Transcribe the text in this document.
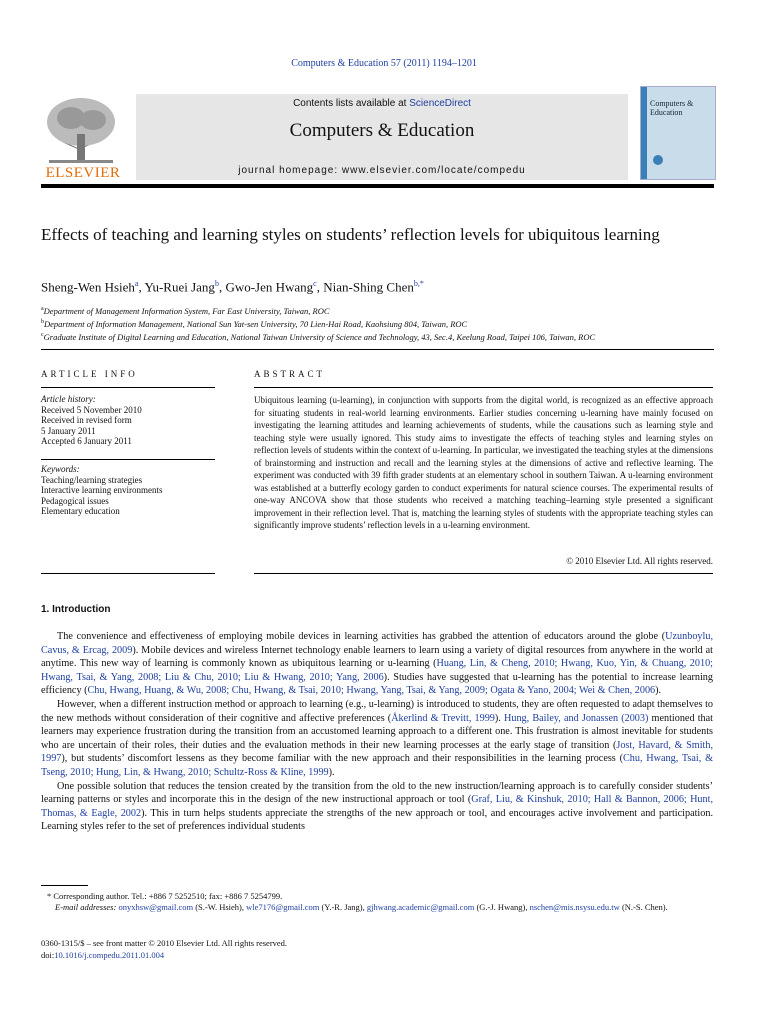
Computers & Education 57 (2011) 1194–1201
ELSEVIER
Contents lists available at ScienceDirect
Computers & Education
journal homepage: www.elsevier.com/locate/compedu
Computers & Education
Effects of teaching and learning styles on students’ reflection levels for ubiquitous learning
Sheng-Wen Hsieh$^a$, Yu-Ruei Jang$^b$, Gwo-Jen Hwang$^c$, Nian-Shing Chen$^{b,*}$
$^a$Department of Management Information System, Far East University, Taiwan, ROC
$^b$Department of Information Management, National Sun Yat-sen University, 70 Lien-Hai Road, Kaohsiung 804, Taiwan, ROC
$^c$Graduate Institute of Digital Learning and Education, National Taiwan University of Science and Technology, 43, Sec.4, Keelung Road, Taipei 106, Taiwan, ROC
ARTICLE INFO	ABSTRACT
Article history:
Received 5 November 2010
Received in revised form
5 January 2011
Accepted 6 January 2011
Keywords:
Teaching/learning strategies
Interactive learning environments
Pedagogical issues
Elementary education
Ubiquitous learning (u-learning), in conjunction with supports from the digital world, is recognized as an effective approach for situating students in real-world learning environments. Earlier studies concerning u-learning have mainly focused on investigating the learning attitudes and learning achievements of students, while the causations such as learning style and teaching style were usually ignored. This study aims to investigate the effects of teaching styles and learning styles on reflection levels of students within the context of u-learning. In particular, we investigated the teaching styles at the dimensions of brainstorming and instruction and recall and the learning styles at the dimensions of active and reflective learning. The experiment was conducted with 39 fifth grader students at an elementary school in southern Taiwan. A u-learning environment was established at a butterfly ecology garden to conduct experiments for natural science courses. The experimental results of one-way ANCOVA show that those students who received a matching teaching–learning style presented a significant improvement in their reflection level. That is, matching the learning styles of students with the appropriate teaching styles can significantly improve students’ reflection levels in a u-learning environment.
© 2010 Elsevier Ltd. All rights reserved.
1. Introduction

The convenience and effectiveness of employing mobile devices in learning activities has grabbed the attention of educators around the globe (Uzunboylu, Cavus, & Ercag, 2009). Mobile devices and wireless Internet technology enable learners to learn using a variety of digital resources from anywhere in the world at anytime. This new way of learning is commonly known as ubiquitous learning or u-learning (Huang, Lin, & Cheng, 2010; Hwang, Kuo, Yin, & Chuang, 2010; Hwang, Tsai, & Yang, 2008; Liu & Chu, 2010; Liu & Hwang, 2010; Yang, 2006). Studies have suggested that u-learning has the potential to increase learning efficiency (Chu, Hwang, Huang, & Wu, 2008; Chu, Hwang, & Tsai, 2010; Hwang, Yang, Tsai, & Yang, 2009; Ogata & Yano, 2004; Wei & Chen, 2006).

However, when a different instruction method or approach to learning (e.g., u-learning) is introduced to students, they are often requested to adapt themselves to the new methods without consideration of their cognitive and affective preferences (Åkerlind & Trevitt, 1999). Hung, Bailey, and Jonassen (2003) mentioned that learners may experience frustration during the transition from an accustomed learning approach to a different one. This frustration is almost inevitable for students who are uncertain of their roles, their duties and the evaluation methods in their new learning processes at the early stage of transition (Jost, Havard, & Smith, 1997), but students’ discomfort lessens as they become familiar with the new approach and their responsibilities in the learning process (Chu, Hwang, Tsai, & Tseng, 2010; Hung, Lin, & Hwang, 2010; Schultz-Ross & Kline, 1999).

One possible solution that reduces the tension created by the transition from the old to the new instruction/learning approach is to carefully consider students’ learning patterns or styles and incorporate this in the design of the new instructional approach or tool (Graf, Liu, & Kinshuk, 2010; Hall & Bannon, 2006; Hunt, Thomas, & Eagle, 2002). This in turn helps students appreciate the strengths of the new approach or tool, and encourages active involvement and participation. Learning styles refer to the set of preferences individual students

* Corresponding author. Tel.: +886 7 5252510; fax: +886 7 5254799.
E-mail addresses: onyxhsw@gmail.com (S.-W. Hsieh), wle7176@gmail.com (Y.-R. Jang), gjhwang.academic@gmail.com (G.-J. Hwang), nschen@mis.nsysu.edu.tw (N.-S. Chen).
0360-1315/$ – see front matter © 2010 Elsevier Ltd. All rights reserved.
doi:10.1016/j.compedu.2011.01.004
